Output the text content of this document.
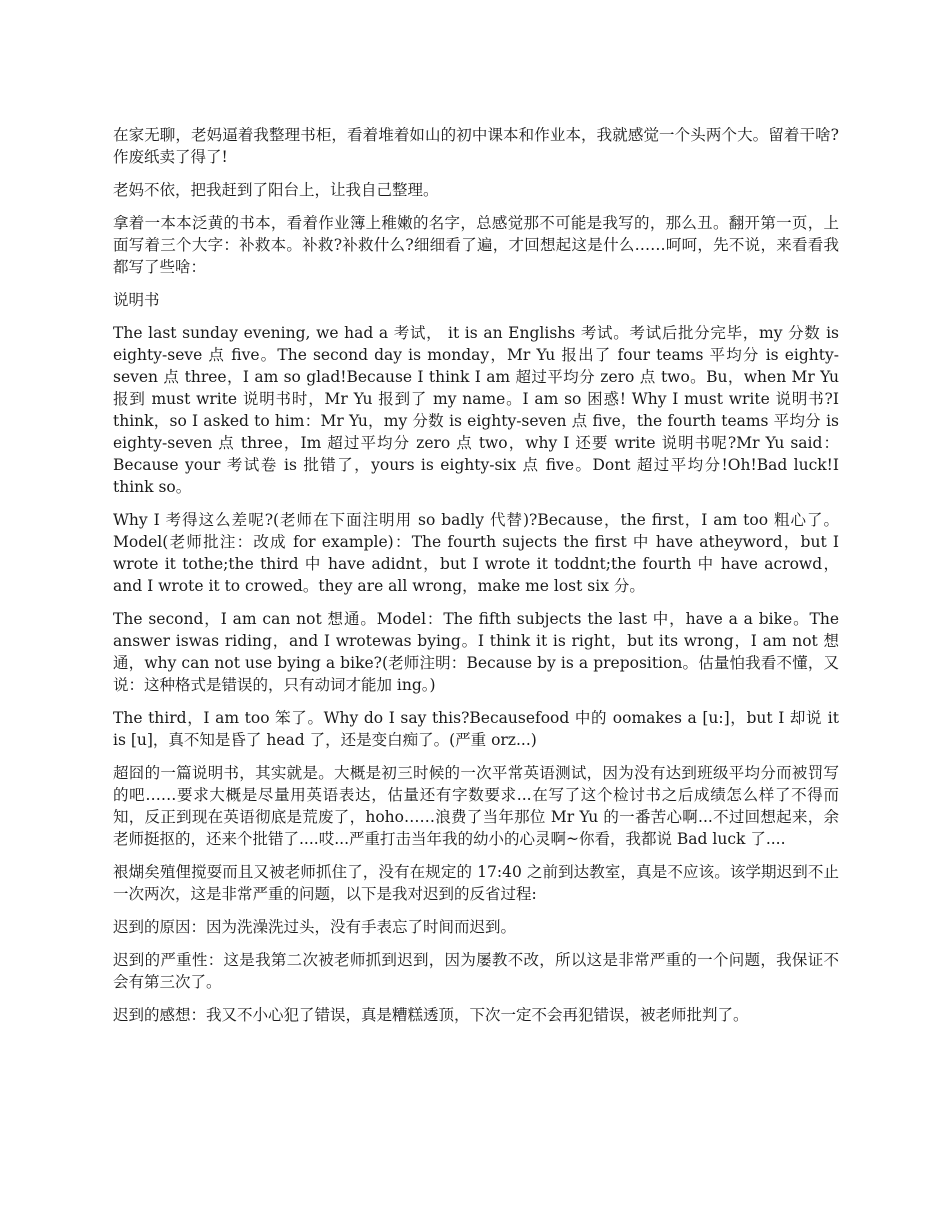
在家无聊，老妈逼着我整理书柜，看着堆着如山的初中课本和作业本，我就感觉一个头两个大。留着干啥?作废纸卖了得了!

老妈不依，把我赶到了阳台上，让我自己整理。

拿着一本本泛黄的书本，看着作业簿上稚嫩的名字，总感觉那不可能是我写的，那么丑。翻开第一页，上面写着三个大字：补救本。补救?补救什么?细细看了遍，才回想起这是什么……呵呵，先不说，来看看我都写了些啥：

说明书

The last sunday evening, we had a 考试， it is an Englishs 考试。考试后批分完毕，my 分数 is eighty-seve 点 five。The second day is monday，Mr Yu 报出了 four teams 平均分 is eighty-seven 点 three，I am so glad!Because I think I am 超过平均分 zero 点 two。Bu，when Mr Yu 报到 must write 说明书时，Mr Yu 报到了 my name。I am so 困惑! Why I must write 说明书?I think，so I asked to him：Mr Yu，my 分数 is eighty-seven 点 five，the fourth teams 平均分 is eighty-seven 点 three，Im 超过平均分 zero 点 two，why I 还要 write 说明书呢?Mr Yu said：Because your 考试卷 is 批错了，yours is eighty-six 点 five。Dont 超过平均分!Oh!Bad luck!I think so。

Why I 考得这么差呢?(老师在下面注明用 so badly 代替)?Because，the first，I am too 粗心了。Model(老师批注：改成 for example)：The fourth sujects the first 中 have atheyword，but I wrote it tothe;the third 中 have adidnt，but I wrote it toddnt;the fourth 中 have acrowd，and I wrote it to crowed。they are all wrong，make me lost six 分。

The second，I am can not 想通。Model：The fifth subjects the last 中，have a a bike。The answer iswas riding，and I wrotewas bying。I think it is right，but its wrong，I am not 想通，why can not use bying a bike?(老师注明：Because by is a preposition。估量怕我看不懂，又说：这种格式是错误的，只有动词才能加 ing。)

The third，I am too 笨了。Why do I say this?Becausefood 中的 oomakes a [u:]，but I 却说 it is [u]，真不知是昏了 head 了，还是变白痴了。(严重 orz...)

超囧的一篇说明书，其实就是。大概是初三时候的一次平常英语测试，因为没有达到班级平均分而被罚写的吧……要求大概是尽量用英语表达，估量还有字数要求...在写了这个检讨书之后成绩怎么样了不得而知，反正到现在英语彻底是荒废了，hoho……浪费了当年那位 Mr Yu 的一番苦心啊...不过回想起来，余老师挺抠的，还来个批错了....哎...严重打击当年我的幼小的心灵啊~你看，我都说 Bad luck 了....

裉煳矣殖俚搅耍而且又被老师抓住了，没有在规定的 17:40 之前到达教室，真是不应该。该学期迟到不止一次两次，这是非常严重的问题，以下是我对迟到的反省过程:

迟到的原因：因为洗澡洗过头，没有手表忘了时间而迟到。

迟到的严重性：这是我第二次被老师抓到迟到，因为屡教不改，所以这是非常严重的一个问题，我保证不会有第三次了。

迟到的感想：我又不小心犯了错误，真是糟糕透顶，下次一定不会再犯错误，被老师批判了。
